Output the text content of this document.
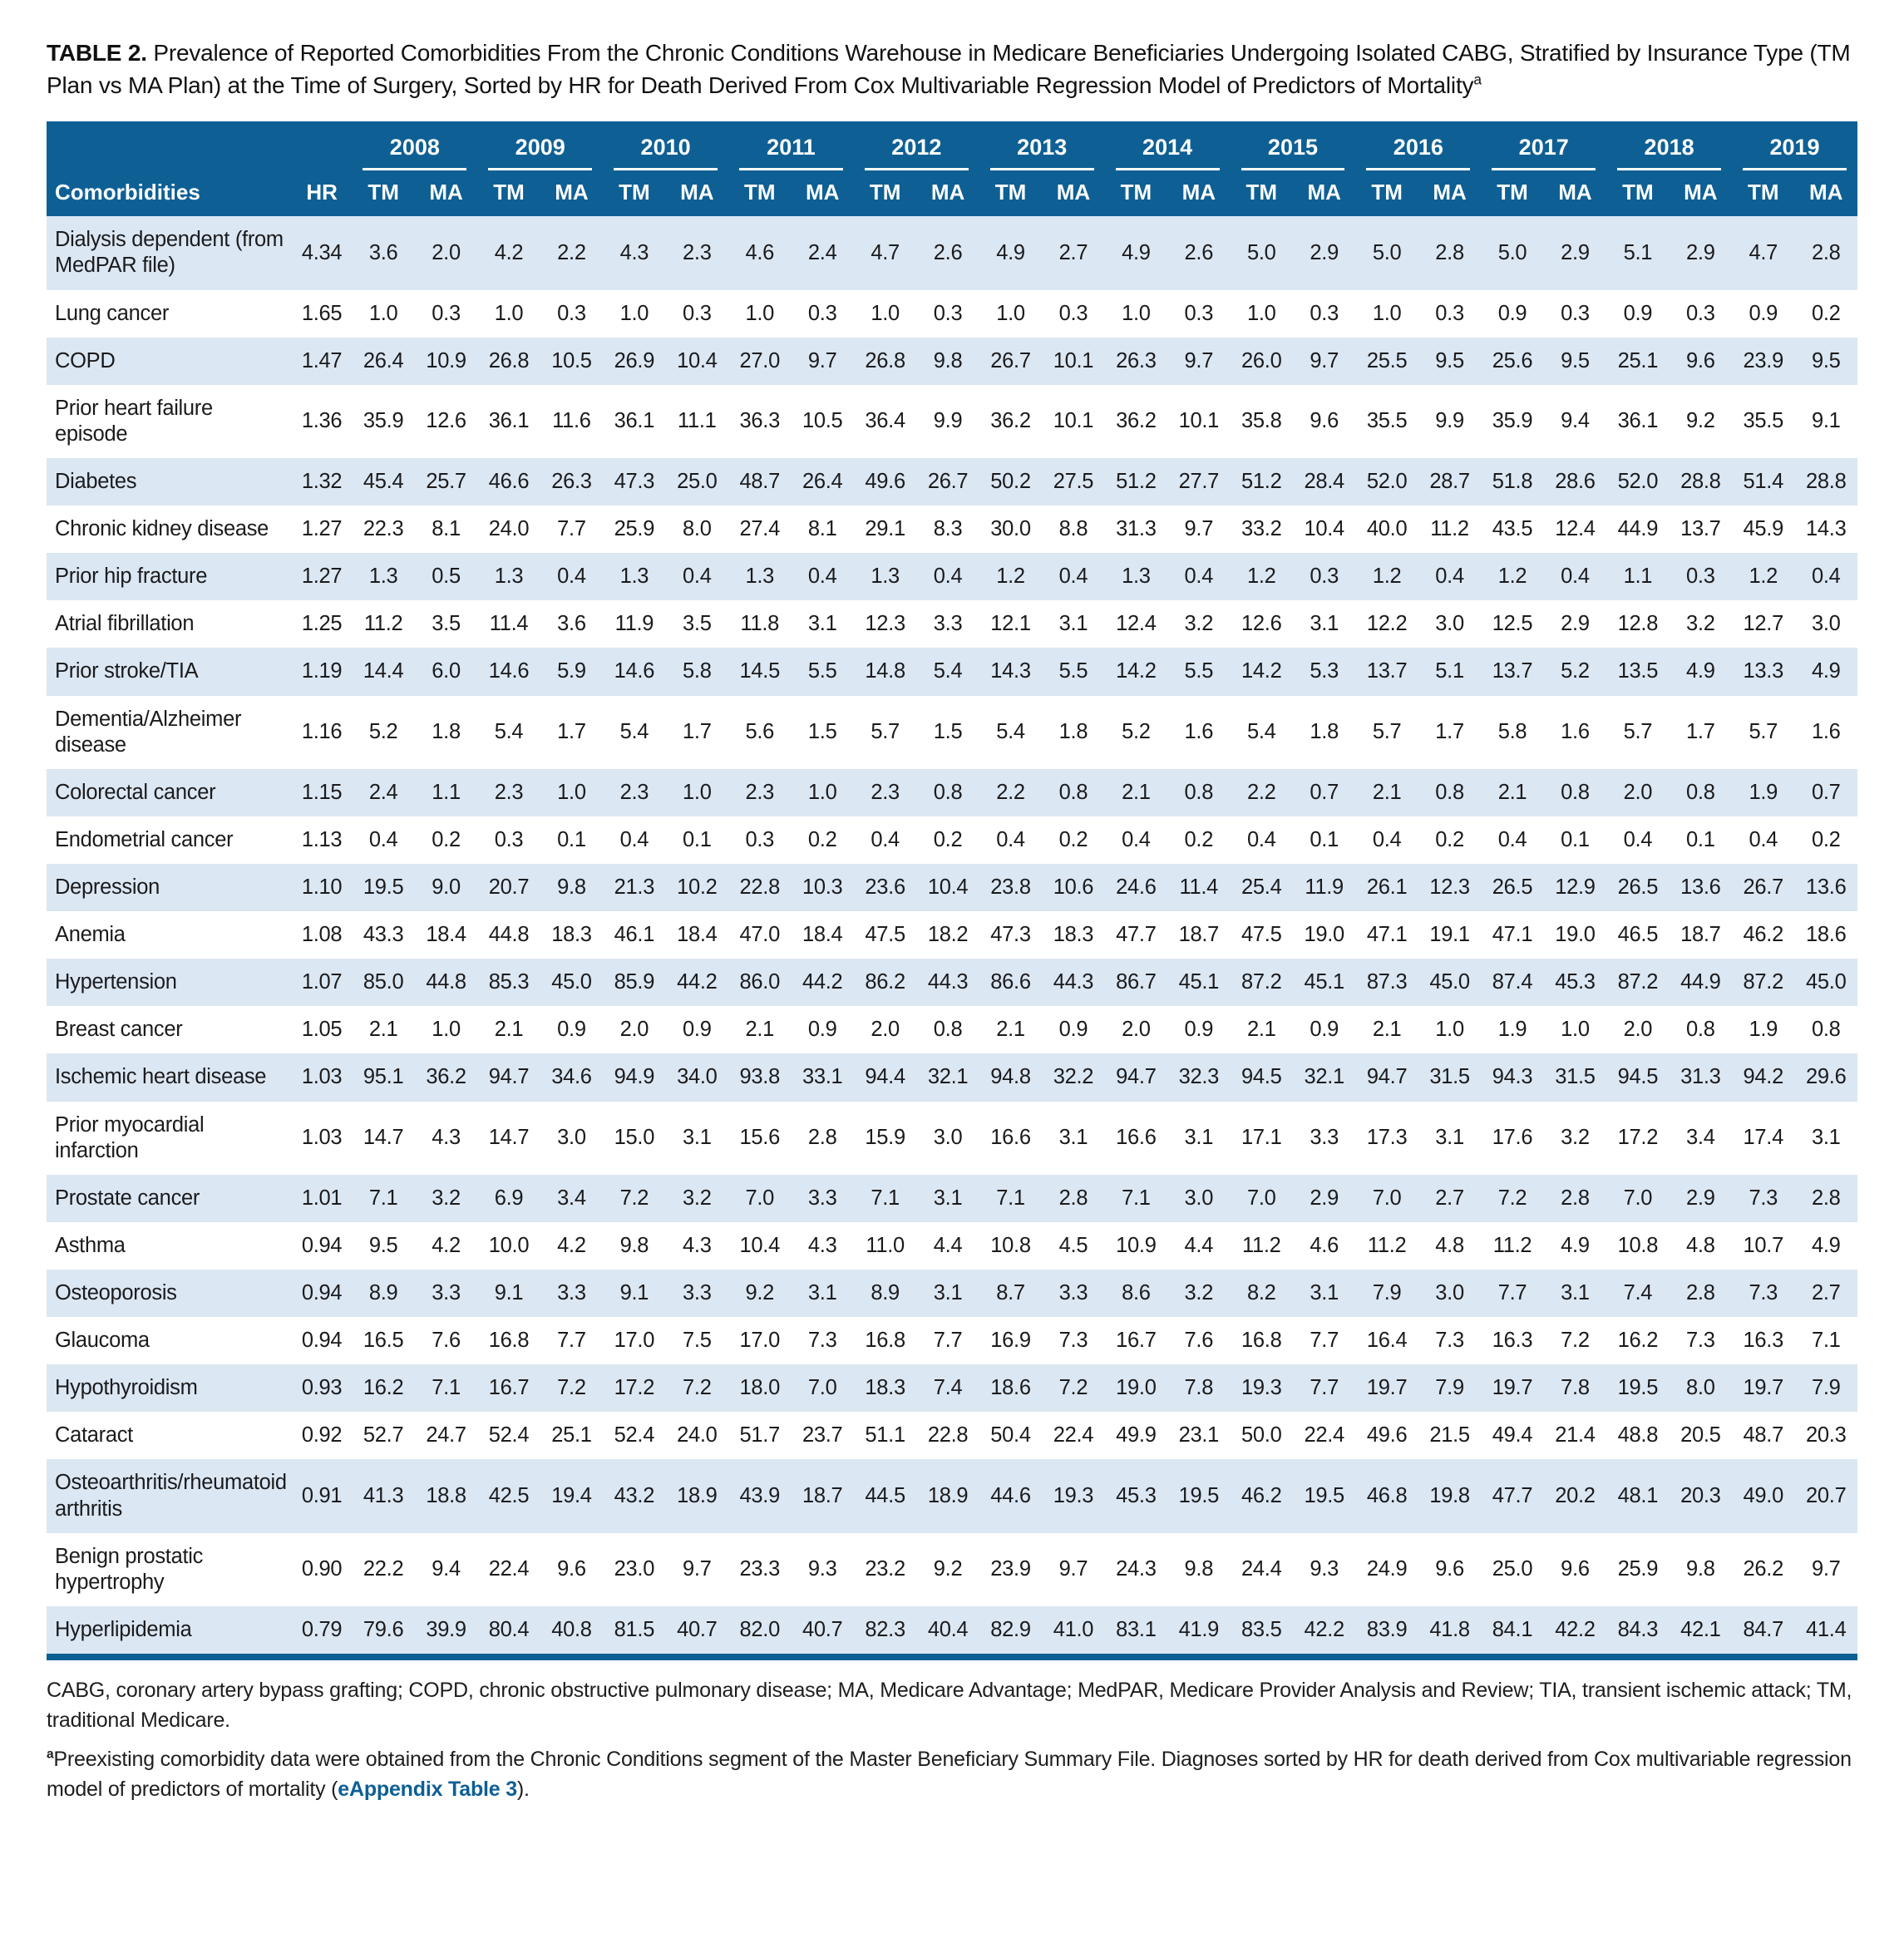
TABLE 2. Prevalence of Reported Comorbidities From the Chronic Conditions Warehouse in Medicare Beneficiaries Undergoing Isolated CABG, Stratified by Insurance Type (TM Plan vs MA Plan) at the Time of Surgery, Sorted by HR for Death Derived From Cox Multivariable Regression Model of Predictors of Mortality$^a$

		2008		2009		2010		2011		2012		2013		2014		2015		2016		2017		2018		2019	

Comorbidities	HR	TM	MA	TM	MA	TM	MA	TM	MA	TM	MA	TM	MA	TM	MA	TM	MA	TM	MA	TM	MA	TM	MA	TM	MA
Dialysis dependent (from MedPAR file)	4.34	3.6	2.0	4.2	2.2	4.3	2.3	4.6	2.4	4.7	2.6	4.9	2.7	4.9	2.6	5.0	2.9	5.0	2.8	5.0	2.9	5.1	2.9	4.7	2.8
Lung cancer	1.65	1.0	0.3	1.0	0.3	1.0	0.3	1.0	0.3	1.0	0.3	1.0	0.3	1.0	0.3	1.0	0.3	1.0	0.3	0.9	0.3	0.9	0.3	0.9	0.2
COPD	1.47	26.4	10.9	26.8	10.5	26.9	10.4	27.0	9.7	26.8	9.8	26.7	10.1	26.3	9.7	26.0	9.7	25.5	9.5	25.6	9.5	25.1	9.6	23.9	9.5
Prior heart failure episode	1.36	35.9	12.6	36.1	11.6	36.1	11.1	36.3	10.5	36.4	9.9	36.2	10.1	36.2	10.1	35.8	9.6	35.5	9.9	35.9	9.4	36.1	9.2	35.5	9.1
Diabetes	1.32	45.4	25.7	46.6	26.3	47.3	25.0	48.7	26.4	49.6	26.7	50.2	27.5	51.2	27.7	51.2	28.4	52.0	28.7	51.8	28.6	52.0	28.8	51.4	28.8
Chronic kidney disease	1.27	22.3	8.1	24.0	7.7	25.9	8.0	27.4	8.1	29.1	8.3	30.0	8.8	31.3	9.7	33.2	10.4	40.0	11.2	43.5	12.4	44.9	13.7	45.9	14.3
Prior hip fracture	1.27	1.3	0.5	1.3	0.4	1.3	0.4	1.3	0.4	1.3	0.4	1.2	0.4	1.3	0.4	1.2	0.3	1.2	0.4	1.2	0.4	1.1	0.3	1.2	0.4
Atrial fibrillation	1.25	11.2	3.5	11.4	3.6	11.9	3.5	11.8	3.1	12.3	3.3	12.1	3.1	12.4	3.2	12.6	3.1	12.2	3.0	12.5	2.9	12.8	3.2	12.7	3.0
Prior stroke/TIA	1.19	14.4	6.0	14.6	5.9	14.6	5.8	14.5	5.5	14.8	5.4	14.3	5.5	14.2	5.5	14.2	5.3	13.7	5.1	13.7	5.2	13.5	4.9	13.3	4.9
Dementia/Alzheimer disease	1.16	5.2	1.8	5.4	1.7	5.4	1.7	5.6	1.5	5.7	1.5	5.4	1.8	5.2	1.6	5.4	1.8	5.7	1.7	5.8	1.6	5.7	1.7	5.7	1.6
Colorectal cancer	1.15	2.4	1.1	2.3	1.0	2.3	1.0	2.3	1.0	2.3	0.8	2.2	0.8	2.1	0.8	2.2	0.7	2.1	0.8	2.1	0.8	2.0	0.8	1.9	0.7
Endometrial cancer	1.13	0.4	0.2	0.3	0.1	0.4	0.1	0.3	0.2	0.4	0.2	0.4	0.2	0.4	0.2	0.4	0.1	0.4	0.2	0.4	0.1	0.4	0.1	0.4	0.2
Depression	1.10	19.5	9.0	20.7	9.8	21.3	10.2	22.8	10.3	23.6	10.4	23.8	10.6	24.6	11.4	25.4	11.9	26.1	12.3	26.5	12.9	26.5	13.6	26.7	13.6
Anemia	1.08	43.3	18.4	44.8	18.3	46.1	18.4	47.0	18.4	47.5	18.2	47.3	18.3	47.7	18.7	47.5	19.0	47.1	19.1	47.1	19.0	46.5	18.7	46.2	18.6
Hypertension	1.07	85.0	44.8	85.3	45.0	85.9	44.2	86.0	44.2	86.2	44.3	86.6	44.3	86.7	45.1	87.2	45.1	87.3	45.0	87.4	45.3	87.2	44.9	87.2	45.0
Breast cancer	1.05	2.1	1.0	2.1	0.9	2.0	0.9	2.1	0.9	2.0	0.8	2.1	0.9	2.0	0.9	2.1	0.9	2.1	1.0	1.9	1.0	2.0	0.8	1.9	0.8
Ischemic heart disease	1.03	95.1	36.2	94.7	34.6	94.9	34.0	93.8	33.1	94.4	32.1	94.8	32.2	94.7	32.3	94.5	32.1	94.7	31.5	94.3	31.5	94.5	31.3	94.2	29.6
Prior myocardial infarction	1.03	14.7	4.3	14.7	3.0	15.0	3.1	15.6	2.8	15.9	3.0	16.6	3.1	16.6	3.1	17.1	3.3	17.3	3.1	17.6	3.2	17.2	3.4	17.4	3.1
Prostate cancer	1.01	7.1	3.2	6.9	3.4	7.2	3.2	7.0	3.3	7.1	3.1	7.1	2.8	7.1	3.0	7.0	2.9	7.0	2.7	7.2	2.8	7.0	2.9	7.3	2.8
Asthma	0.94	9.5	4.2	10.0	4.2	9.8	4.3	10.4	4.3	11.0	4.4	10.8	4.5	10.9	4.4	11.2	4.6	11.2	4.8	11.2	4.9	10.8	4.8	10.7	4.9
Osteoporosis	0.94	8.9	3.3	9.1	3.3	9.1	3.3	9.2	3.1	8.9	3.1	8.7	3.3	8.6	3.2	8.2	3.1	7.9	3.0	7.7	3.1	7.4	2.8	7.3	2.7
Glaucoma	0.94	16.5	7.6	16.8	7.7	17.0	7.5	17.0	7.3	16.8	7.7	16.9	7.3	16.7	7.6	16.8	7.7	16.4	7.3	16.3	7.2	16.2	7.3	16.3	7.1
Hypothyroidism	0.93	16.2	7.1	16.7	7.2	17.2	7.2	18.0	7.0	18.3	7.4	18.6	7.2	19.0	7.8	19.3	7.7	19.7	7.9	19.7	7.8	19.5	8.0	19.7	7.9
Cataract	0.92	52.7	24.7	52.4	25.1	52.4	24.0	51.7	23.7	51.1	22.8	50.4	22.4	49.9	23.1	50.0	22.4	49.6	21.5	49.4	21.4	48.8	20.5	48.7	20.3
Osteoarthritis/rheumatoid arthritis	0.91	41.3	18.8	42.5	19.4	43.2	18.9	43.9	18.7	44.5	18.9	44.6	19.3	45.3	19.5	46.2	19.5	46.8	19.8	47.7	20.2	48.1	20.3	49.0	20.7
Benign prostatic hypertrophy	0.90	22.2	9.4	22.4	9.6	23.0	9.7	23.3	9.3	23.2	9.2	23.9	9.7	24.3	9.8	24.4	9.3	24.9	9.6	25.0	9.6	25.9	9.8	26.2	9.7
Hyperlipidemia	0.79	79.6	39.9	80.4	40.8	81.5	40.7	82.0	40.7	82.3	40.4	82.9	41.0	83.1	41.9	83.5	42.2	83.9	41.8	84.1	42.2	84.3	42.1	84.7	41.4

CABG, coronary artery bypass grafting; COPD, chronic obstructive pulmonary disease; MA, Medicare Advantage; MedPAR, Medicare Provider Analysis and Review; TIA, transient ischemic attack; TM, traditional Medicare.

$^a$Preexisting comorbidity data were obtained from the Chronic Conditions segment of the Master Beneficiary Summary File. Diagnoses sorted by HR for death derived from Cox multivariable regression model of predictors of mortality (eAppendix Table 3).
